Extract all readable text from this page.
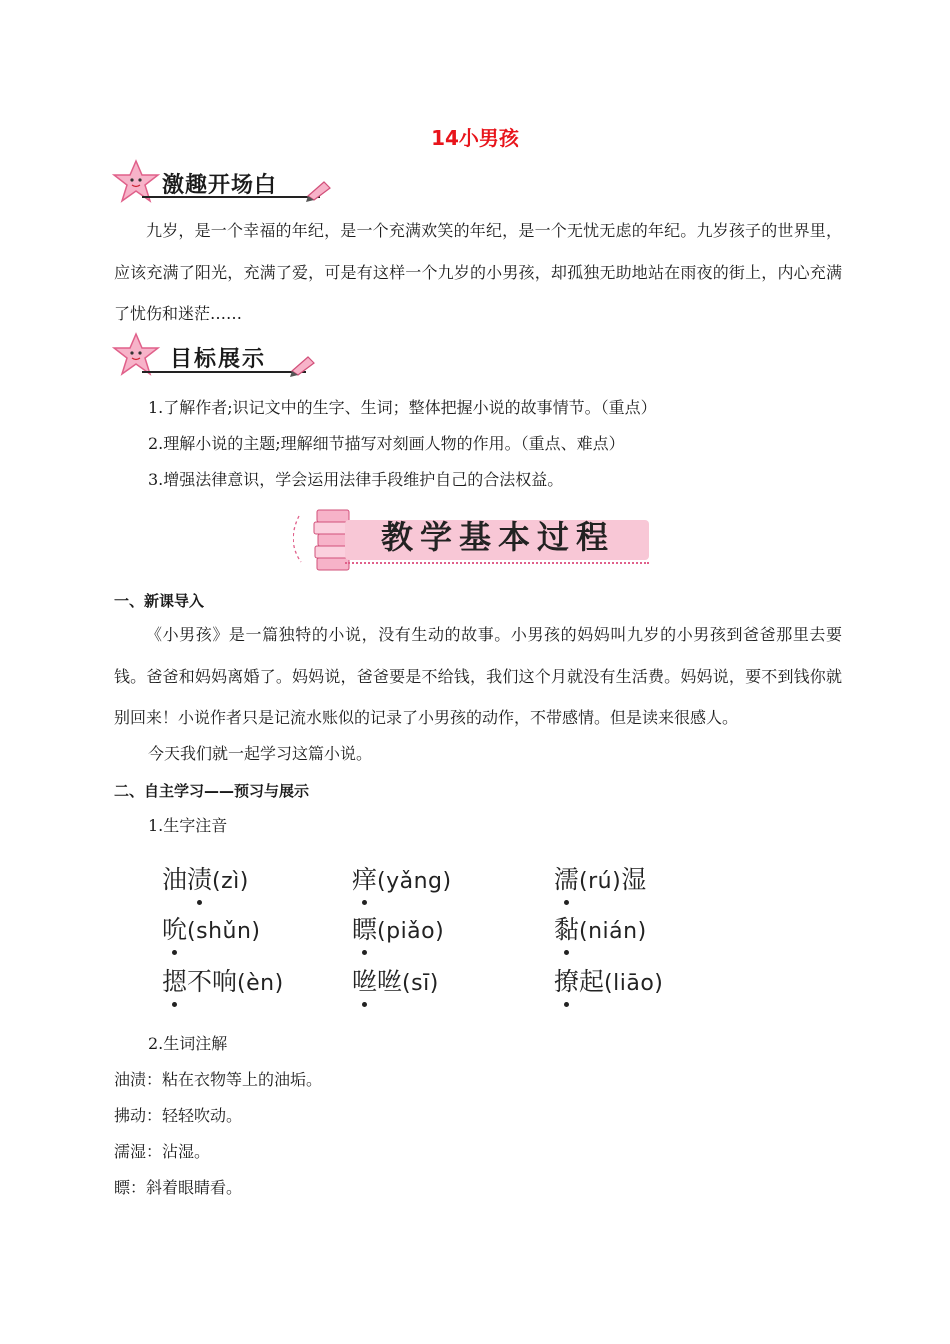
14小男孩
激趣开场白

九岁，是一个幸福的年纪，是一个充满欢笑的年纪，是一个无忧无虑的年纪。九岁孩子的世界里，应该充满了阳光，充满了爱，可是有这样一个九岁的小男孩，却孤独无助地站在雨夜的街上，内心充满了忧伤和迷茫……

目标展示
1.了解作者;识记文中的生字、生词；整体把握小说的故事情节。（重点）
2.理解小说的主题;理解细节描写对刻画人物的作用。（重点、难点）
3.增强法律意识，学会运用法律手段维护自己的合法权益。
教学基本过程
一、新课导入

《小男孩》是一篇独特的小说，没有生动的故事。小男孩的妈妈叫九岁的小男孩到爸爸那里去要钱。爸爸和妈妈离婚了。妈妈说，爸爸要是不给钱，我们这个月就没有生活费。妈妈说，要不到钱你就别回来！小说作者只是记流水账似的记录了小男孩的动作，不带感情。但是读来很感人。

今天我们就一起学习这篇小说。
二、自主学习——预习与展示
1.生字注音
油渍(zì)	痒(yǎng)	濡(rú)湿
吮(shǔn)	瞟(piǎo)	黏(nián)
摁不响(èn)	咝咝(sī)	撩起(liāo)
2.生词注解
油渍：粘在衣物等上的油垢。
拂动：轻轻吹动。
濡湿：沾湿。
瞟：斜着眼睛看。
